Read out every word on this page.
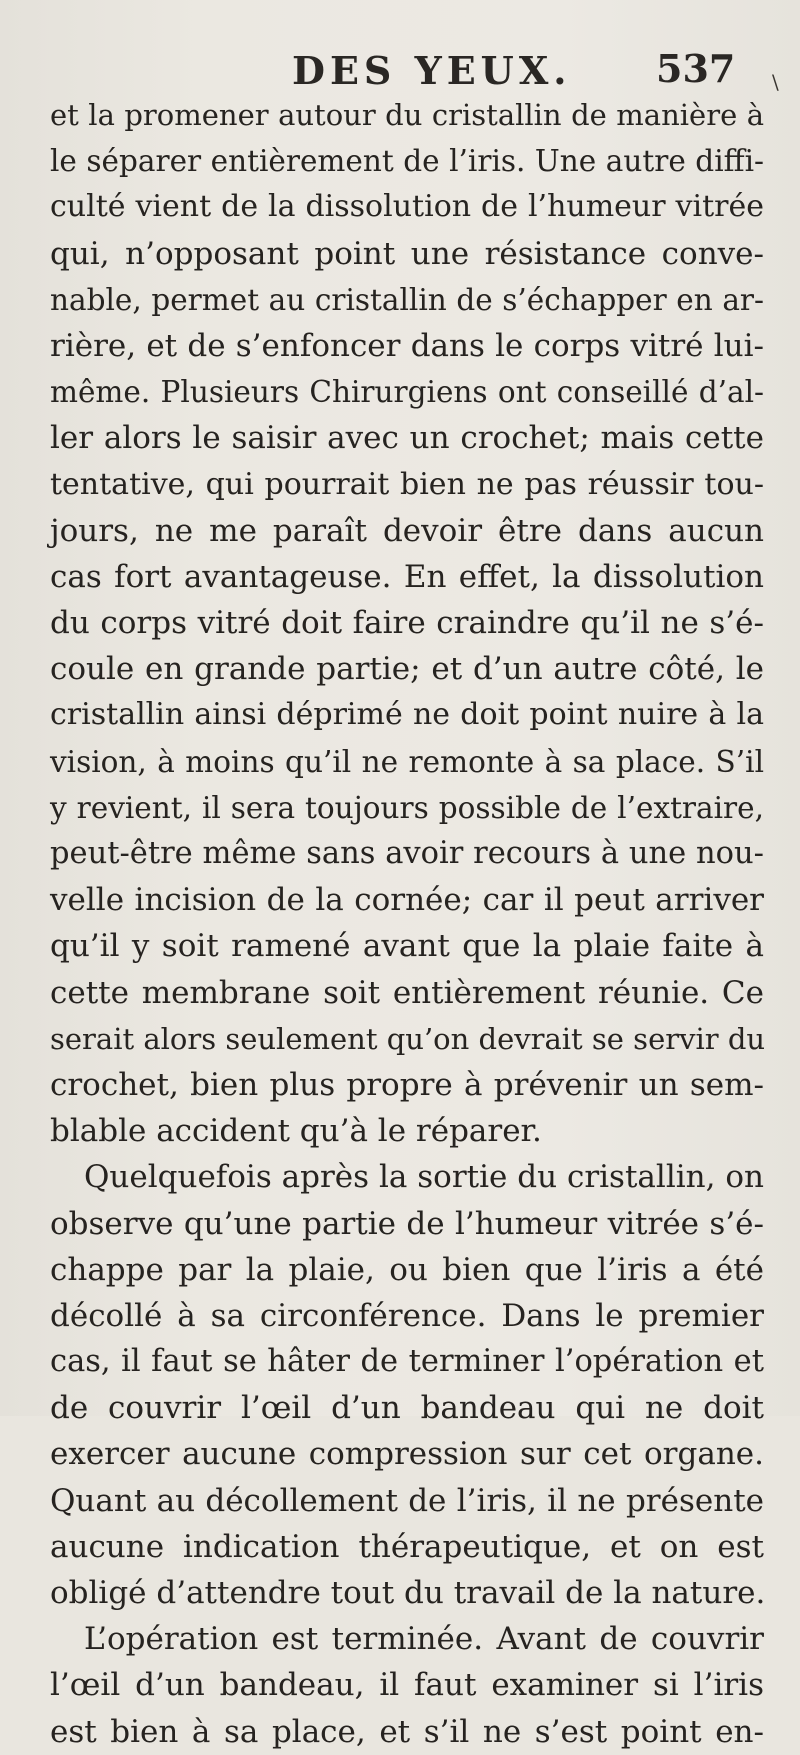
DES YEUX. 537 \
et la promener autour du cristallin de manière à
le séparer entièrement de l’iris. Une autre diffi-
culté vient de la dissolution de l’humeur vitrée
qui, n’opposant point une résistance conve-
nable, permet au cristallin de s’échapper en ar-
rière, et de s’enfoncer dans le corps vitré lui-
même. Plusieurs Chirurgiens ont conseillé d’al-
ler alors le saisir avec un crochet; mais cette
tentative, qui pourrait bien ne pas réussir tou-
jours, ne me paraît devoir être dans aucun
cas fort avantageuse. En effet, la dissolution
du corps vitré doit faire craindre qu’il ne s’é-
coule en grande partie; et d’un autre côté, le
cristallin ainsi déprimé ne doit point nuire à la
vision, à moins qu’il ne remonte à sa place. S’il
y revient, il sera toujours possible de l’extraire,
peut-être même sans avoir recours à une nou-
velle incision de la cornée; car il peut arriver
qu’il y soit ramené avant que la plaie faite à
cette membrane soit entièrement réunie. Ce
serait alors seulement qu’on devrait se servir du
crochet, bien plus propre à prévenir un sem-
blable accident qu’à le réparer.
Quelquefois après la sortie du cristallin, on
observe qu’une partie de l’humeur vitrée s’é-
chappe par la plaie, ou bien que l’iris a été
décollé à sa circonférence. Dans le premier
cas, il faut se hâter de terminer l’opération et
de couvrir l’œil d’un bandeau qui ne doit
exercer aucune compression sur cet organe.
Quant au décollement de l’iris, il ne présente
aucune indication thérapeutique, et on est
obligé d’attendre tout du travail de la nature.
L’opération est terminée. Avant de couvrir
l’œil d’un bandeau, il faut examiner si l’iris
est bien à sa place, et s’il ne s’est point en-
